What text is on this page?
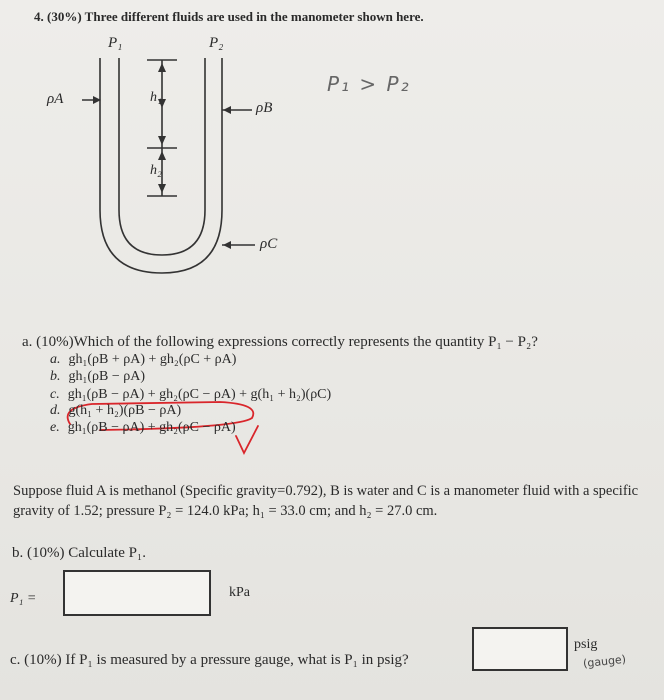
4. (30%) Three different fluids are used in the manometer shown here.
P₁	P₂
ρA
ρB
ρC
h₁
h₂
P₁ > P₂
a. (10%)Which of the following expressions correctly represents the quantity P₁ − P₂?
a. gh₁(ρB + ρA) + gh₂(ρC + ρA)
b. gh₁(ρB − ρA)
c. gh₁(ρB − ρA) + gh₂(ρC − ρA) + g(h₁ + h₂)(ρC)
d. g(h₁ + h₂)(ρB − ρA)
e. gh₁(ρB − ρA) + gh₂(ρC − ρA)
Suppose fluid A is methanol (Specific gravity=0.792), B is water and C is a manometer fluid with a specific gravity of 1.52; pressure P₂ = 124.0 kPa; h₁ = 33.0 cm; and h₂ = 27.0 cm.
b. (10%) Calculate P₁.
P₁ =	kPa
c. (10%) If P₁ is measured by a pressure gauge, what is P₁ in psig?
psig
(gauge)
